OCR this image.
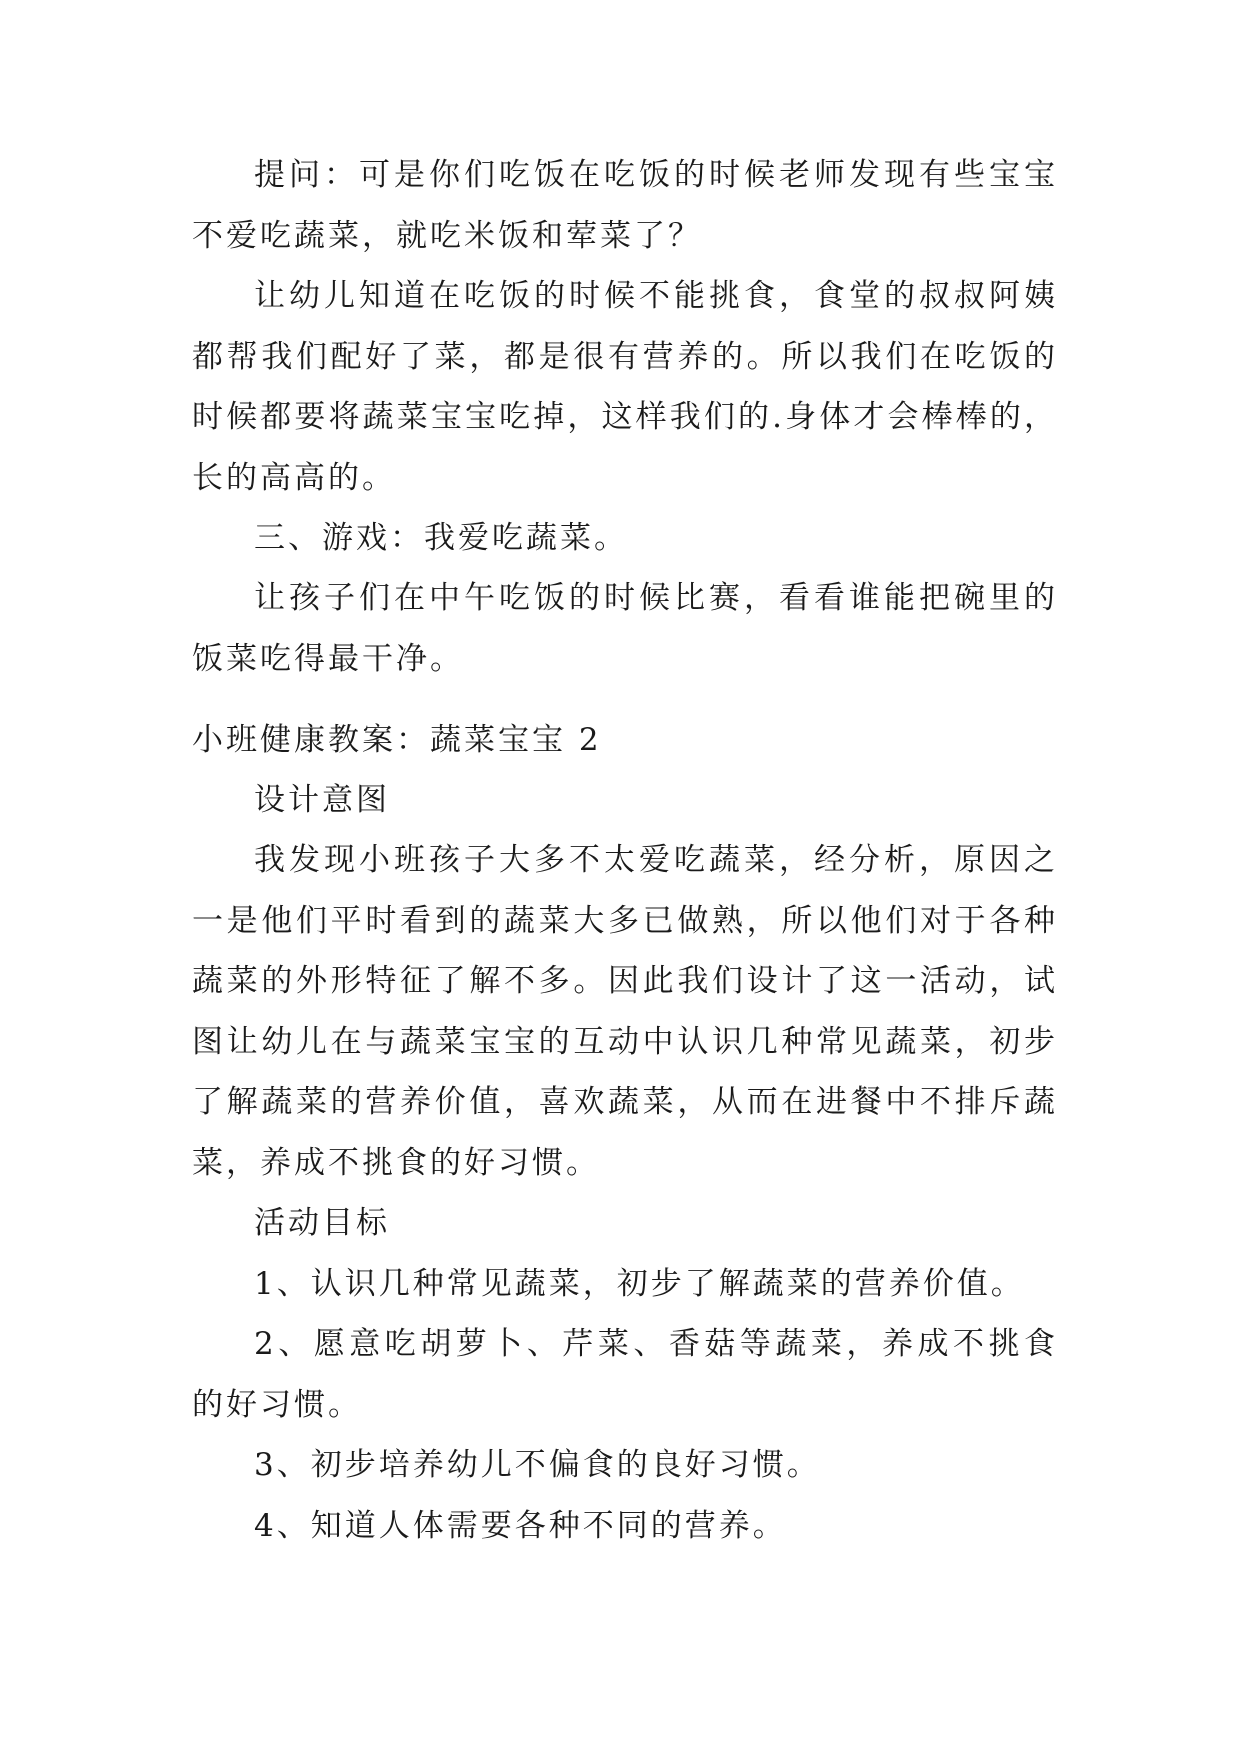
提问：可是你们吃饭在吃饭的时候老师发现有些宝宝不爱吃蔬菜，就吃米饭和荤菜了？

让幼儿知道在吃饭的时候不能挑食，食堂的叔叔阿姨都帮我们配好了菜，都是很有营养的。所以我们在吃饭的时候都要将蔬菜宝宝吃掉，这样我们的.身体才会棒棒的，长的高高的。

三、游戏：我爱吃蔬菜。

让孩子们在中午吃饭的时候比赛，看看谁能把碗里的饭菜吃得最干净。

小班健康教案：蔬菜宝宝 2

设计意图

我发现小班孩子大多不太爱吃蔬菜，经分析，原因之一是他们平时看到的蔬菜大多已做熟，所以他们对于各种蔬菜的外形特征了解不多。因此我们设计了这一活动，试图让幼儿在与蔬菜宝宝的互动中认识几种常见蔬菜，初步了解蔬菜的营养价值，喜欢蔬菜，从而在进餐中不排斥蔬菜，养成不挑食的好习惯。

活动目标

1、认识几种常见蔬菜，初步了解蔬菜的营养价值。

2、愿意吃胡萝卜、芹菜、香菇等蔬菜，养成不挑食的好习惯。

3、初步培养幼儿不偏食的良好习惯。

4、知道人体需要各种不同的营养。
